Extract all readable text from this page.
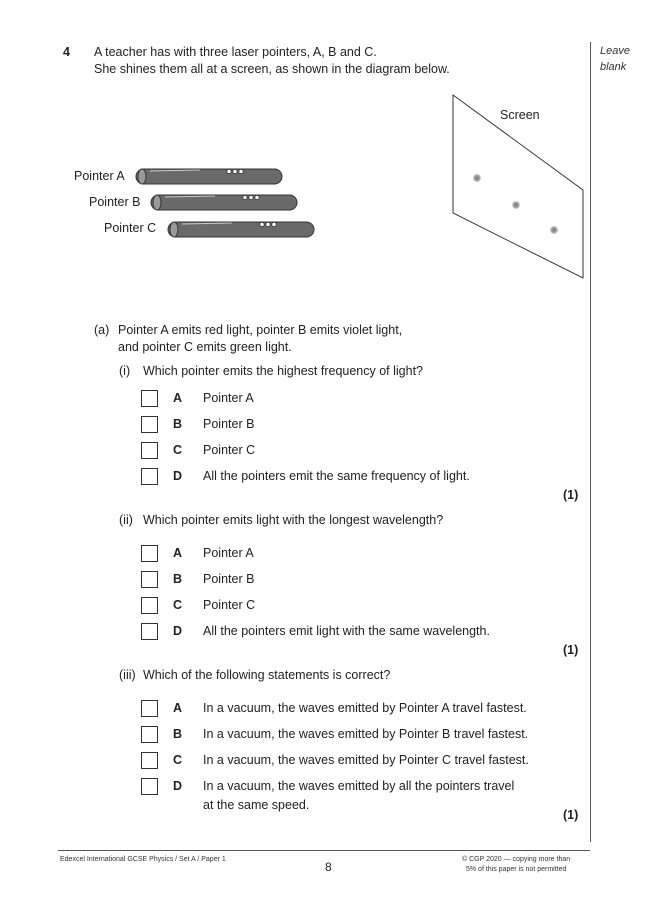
Leave
blank
4 A teacher has with three laser pointers, A, B and C.
She shines them all at a screen, as shown in the diagram below.
Screen
Pointer A
Pointer B
Pointer C
(a) Pointer A emits red light, pointer B emits violet light,
and pointer C emits green light.
(i) Which pointer emits the highest frequency of light?
A Pointer A
B Pointer B
C Pointer C
D All the pointers emit the same frequency of light.
(1)
(ii) Which pointer emits light with the longest wavelength?
A Pointer A
B Pointer B
C Pointer C
D All the pointers emit light with the same wavelength.
(1)
(iii) Which of the following statements is correct?
A In a vacuum, the waves emitted by Pointer A travel fastest.
B In a vacuum, the waves emitted by Pointer B travel fastest.
C In a vacuum, the waves emitted by Pointer C travel fastest.
D In a vacuum, the waves emitted by all the pointers travel
at the same speed.
(1)
Edexcel International GCSE Physics / Set A / Paper 1
8
© CGP 2020 — copying more than
5% of this paper is not permitted
